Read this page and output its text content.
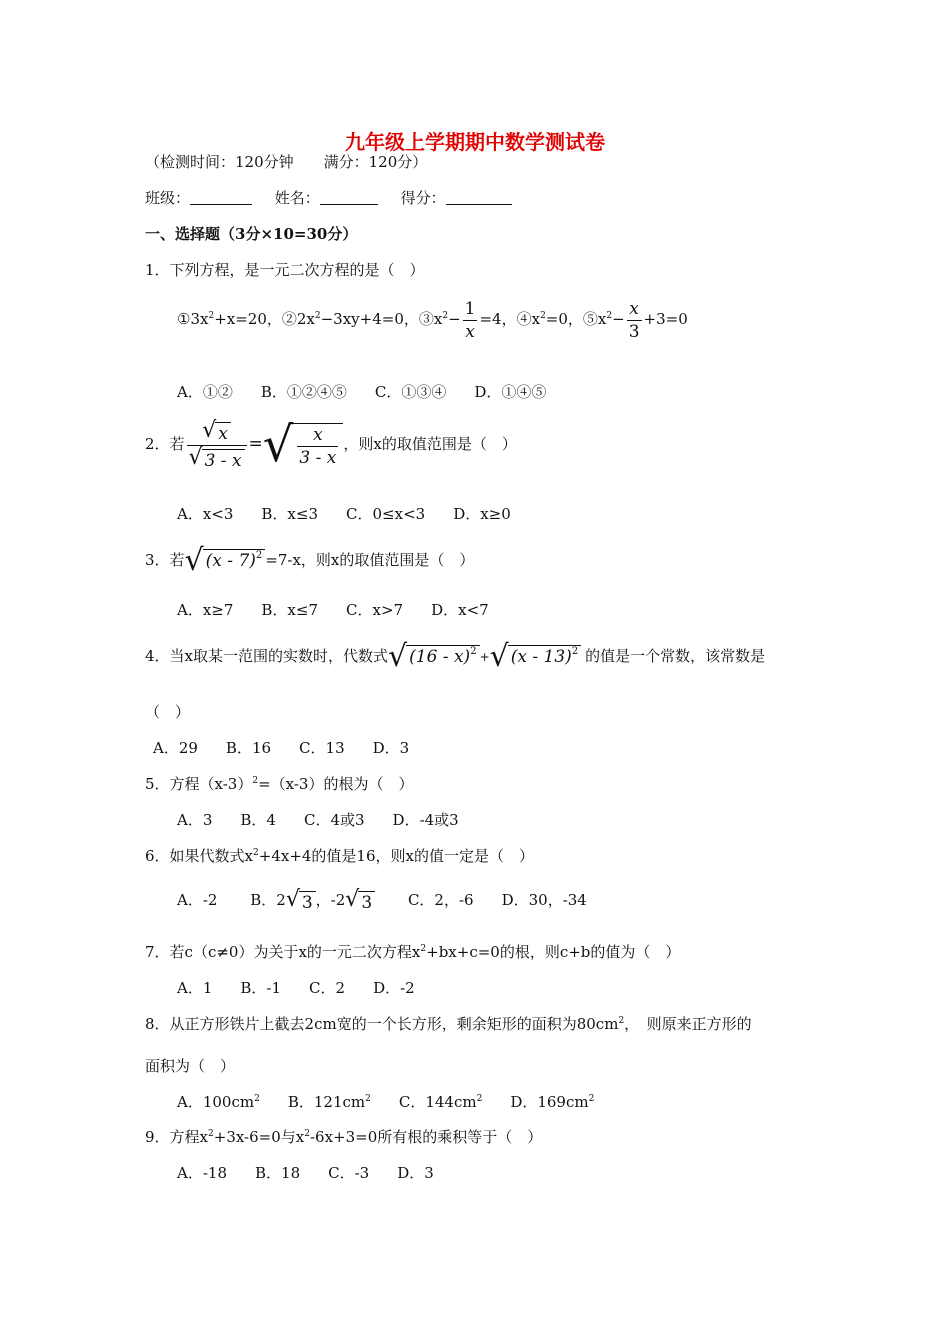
九年级上学期期中数学测试卷
（检测时间：120分钟　　满分：120分）
班级：	姓名：	得分：
一、选择题（3分×10=30分）
1．下列方程，是一元二次方程的是（　）
$①3x^2+x=20$，$②2x^2-3xy+4=0$，$③x^2- \frac{1}{x} =4$，$④x^2=0$，$⑤x^2- \frac{x}{3} +3=0$
A．①② B．①②④⑤ C．①③④ D．①④⑤
2．若 $\frac{√ x}{√ 3 - x}$ = √ $\frac{x}{3 - x}$ ，则x的取值范围是（　）
A．x<3 B．x≤3 C．0≤x<3 D．x≥0
3．若 √ (x - 7)$^2$ =7-x，则x的取值范围是（　）
A．x≥7 B．x≤7 C．x>7 D．x<7
4．当x取某一范围的实数时，代数式 √ (16 - x)$^2$ + √ (x - 13)$^2$ 的值是一个常数，该常数是
（　）
A．29 B．16 C．13 D．3
5．方程$(x-3)^2=(x-3)$的根为（　）
A．3 B．4 C．4或3 D．-4或3
6．如果代数式$x^2+4x+4$的值是16，则x的值一定是（　）
A．-2 B．2 √ 3 ，-2 √ 3 C．2，-6 D．30，-34
7．若c（c≠0）为关于x的一元二次方程$x^2+bx+c=0$的根，则c+b的值为（　）
A．1 B．-1 C．2 D．-2
8．从正方形铁片上截去2cm宽的一个长方形，剩余矩形的面积为$80cm^2$，　则原来正方形的
面积为（　）
A．$100cm^2$ B．$121cm^2$ C．$144cm^2$ D．$169cm^2$
9．方程$x^2+3x-6=0$与$x^2-6x+3=0$所有根的乘积等于（　）
A．-18 B．18 C．-3 D．3
